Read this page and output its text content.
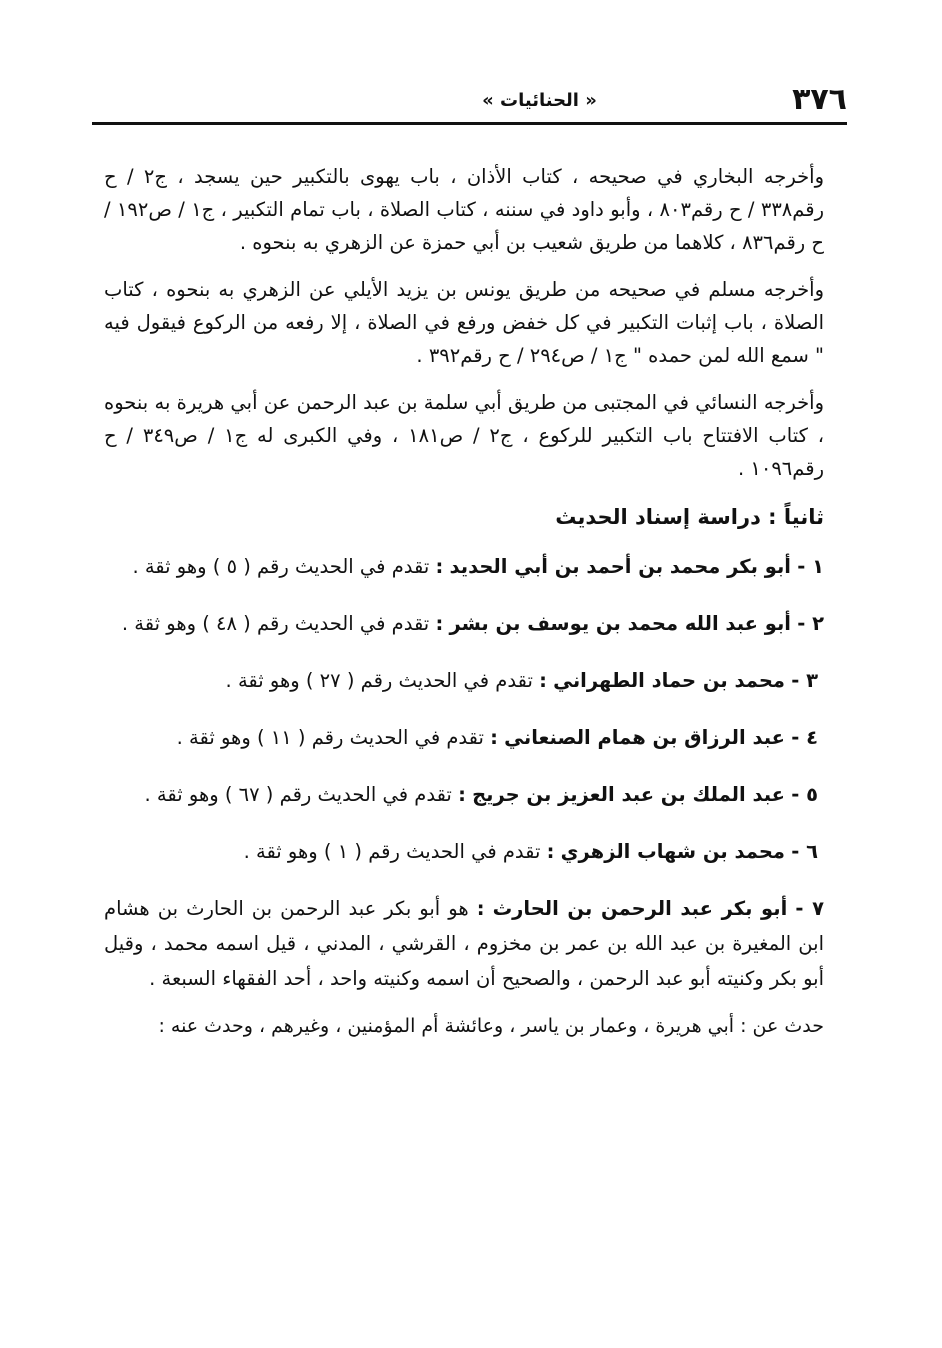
٣٧٦
« الحنائيات »

وأخرجه البخاري في صحيحه ، كتاب الأذان ، باب يهوى بالتكبير حين يسجد ، ج٢ / ح رقم٣٣٨ / ح رقم٨٠٣ ، وأبو داود في سننه ، كتاب الصلاة ، باب تمام التكبير ، ج١ / ص١٩٢ / ح رقم٨٣٦ ، كلاهما من طريق شعيب بن أبي حمزة عن الزهري به بنحوه .

وأخرجه مسلم في صحيحه من طريق يونس بن يزيد الأيلي عن الزهري به بنحوه ، كتاب الصلاة ، باب إثبات التكبير في كل خفض ورفع في الصلاة ، إلا رفعه من الركوع فيقول فيه " سمع الله لمن حمده " ج١ / ص٢٩٤ / ح رقم٣٩٢ .

وأخرجه النسائي في المجتبى من طريق أبي سلمة بن عبد الرحمن عن أبي هريرة به بنحوه ، كتاب الافتتاح باب التكبير للركوع ، ج٢ / ص١٨١ ، وفي الكبرى له ج١ / ص٣٤٩ / ح رقم١٠٩٦ .

ثانياً : دراسة إسناد الحديث
١ - أبو بكر محمد بن أحمد بن أبي الحديد : تقدم في الحديث رقم ( ٥ ) وهو ثقة .
٢ - أبو عبد الله محمد بن يوسف بن بشر : تقدم في الحديث رقم ( ٤٨ ) وهو ثقة .
٣ - محمد بن حماد الطهراني : تقدم في الحديث رقم ( ٢٧ ) وهو ثقة .
٤ - عبد الرزاق بن همام الصنعاني : تقدم في الحديث رقم ( ١١ ) وهو ثقة .
٥ - عبد الملك بن عبد العزيز بن جريج : تقدم في الحديث رقم ( ٦٧ ) وهو ثقة .
٦ - محمد بن شهاب الزهري : تقدم في الحديث رقم ( ١ ) وهو ثقة .
٧ - أبو بكر عبد الرحمن بن الحارث : هو أبو بكر عبد الرحمن بن الحارث بن هشام ابن المغيرة بن عبد الله بن عمر بن مخزوم ، القرشي ، المدني ، قيل اسمه محمد ، وقيل أبو بكر وكنيته أبو عبد الرحمن ، والصحيح أن اسمه وكنيته واحد ، أحد الفقهاء السبعة .
حدث عن : أبي هريرة ، وعمار بن ياسر ، وعائشة أم المؤمنين ، وغيرهم ، وحدث عنه :
